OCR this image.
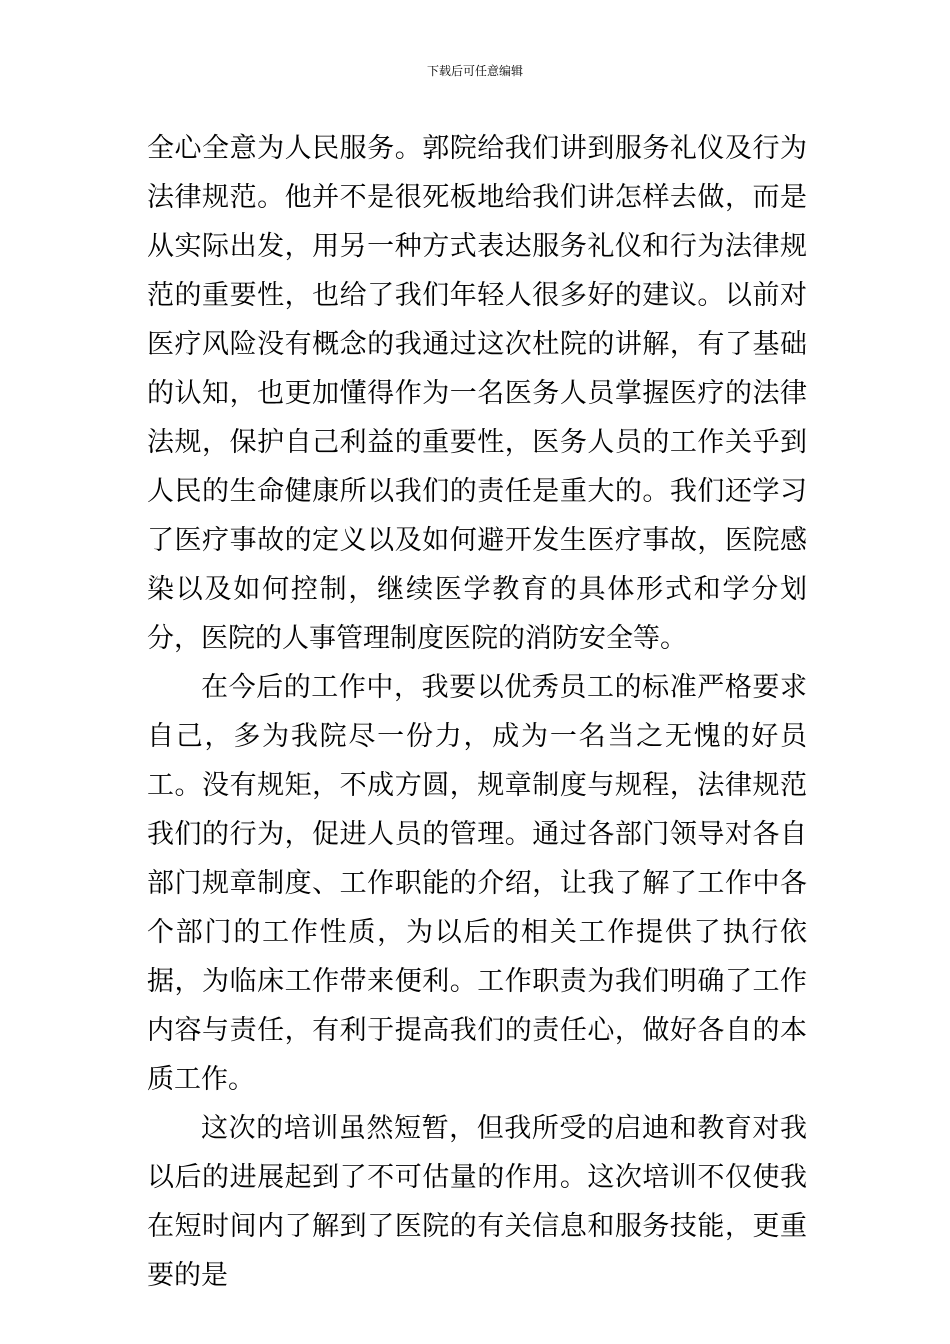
下载后可任意编辑

全心全意为人民服务。郭院给我们讲到服务礼仪及行为法律规范。他并不是很死板地给我们讲怎样去做，而是从实际出发，用另一种方式表达服务礼仪和行为法律规范的重要性，也给了我们年轻人很多好的建议。以前对医疗风险没有概念的我通过这次杜院的讲解，有了基础的认知，也更加懂得作为一名医务人员掌握医疗的法律法规，保护自己利益的重要性，医务人员的工作关乎到人民的生命健康所以我们的责任是重大的。我们还学习了医疗事故的定义以及如何避开发生医疗事故，医院感染以及如何控制，继续医学教育的具体形式和学分划分，医院的人事管理制度医院的消防安全等。

在今后的工作中，我要以优秀员工的标准严格要求自己，多为我院尽一份力，成为一名当之无愧的好员工。没有规矩，不成方圆，规章制度与规程，法律规范我们的行为，促进人员的管理。通过各部门领导对各自部门规章制度、工作职能的介绍，让我了解了工作中各个部门的工作性质，为以后的相关工作提供了执行依据，为临床工作带来便利。工作职责为我们明确了工作内容与责任，有利于提高我们的责任心，做好各自的本质工作。

这次的培训虽然短暂，但我所受的启迪和教育对我以后的进展起到了不可估量的作用。这次培训不仅使我在短时间内了解到了医院的有关信息和服务技能，更重要的是
